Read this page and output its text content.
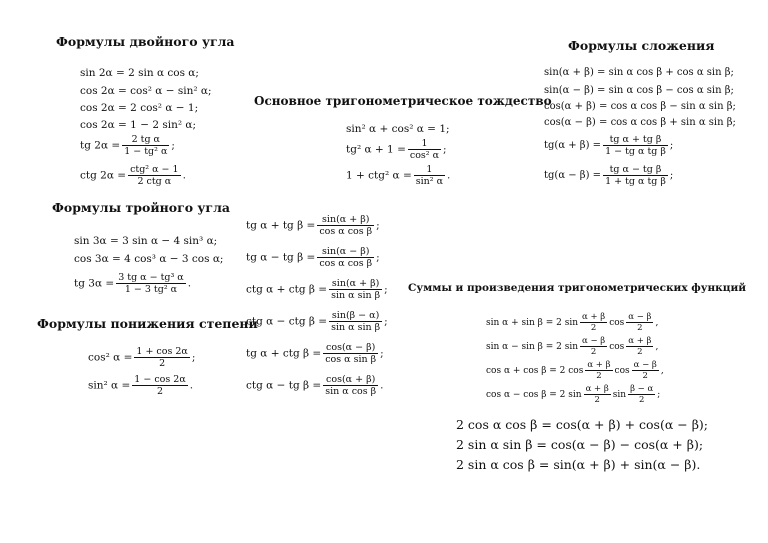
Формулы двойного угла
sin 2α = 2 sin α cos α;
cos 2α = cos² α − sin² α;
cos 2α = 2 cos² α − 1;
cos 2α = 1 − 2 sin² α;
tg $2\alpha = \frac{\text{2 tg α}}{\text{1 − tg² α}}$ ;
ctg $2\alpha = \frac{\text{ctg² α − 1}}{\text{2 ctg α}}$ .
Основное тригонометрическое тождество
sin² α + cos² α = 1;
tg² $\alpha + 1 = \frac{1}{\text{cos² α}}$ ;
1 + ctg² $\alpha = \frac{1}{\text{sin² α}}$ .
Формулы сложения
sin(α + β) = sin α cos β + cos α sin β;
sin(α − β) = sin α cos β − cos α sin β;
cos(α + β) = cos α cos β − sin α sin β;
cos(α − β) = cos α cos β + sin α sin β;
$tg(\alpha + \beta) = \frac{\text{tg α + tg β}}{\text{1 − tg α tg β}}$ ;
$tg(\alpha - \beta) = \frac{\text{tg α − tg β}}{\text{1 + tg α tg β}}$ ;
Формулы тройного угла
sin 3α = 3 sin α − 4 sin³ α;
cos 3α = 4 cos³ α − 3 cos α;
tg $3\alpha = \frac{\text{3 tg α − tg³ α}}{\text{1 − 3 tg² α}}$ .
tg α + tg $\beta = \frac{\sin(\alpha + \beta)}{\text{cos α cos β}}$ ;
tg α − tg $\beta = \frac{\sin(\alpha - \beta)}{\text{cos α cos β}}$ ;
ctg α + ctg $\beta = \frac{\sin(\alpha + \beta)}{\text{sin α sin β}}$ ;
ctg α − ctg $\beta = \frac{\sin(\beta - \alpha)}{\text{sin α sin β}}$ ;
tg α + ctg $\beta = \frac{\cos(\alpha - \beta)}{\text{cos α sin β}}$ ;
ctg α − tg $\beta = \frac{\cos(\alpha + \beta)}{\text{sin α cos β}}$ .
Формулы понижения степени
cos² $\alpha = \frac{1 + \cos 2\alpha}{2}$ ;
sin² $\alpha = \frac{1 - \cos 2\alpha}{2}$ .
Суммы и произведения тригонометрических функций
sin α + sin β = 2 $\sin \frac{\alpha + \beta}{2}$ $\cos \frac{\alpha - \beta}{2}$ ,
sin α − sin β = 2 $\sin \frac{\alpha - \beta}{2}$ $\cos \frac{\alpha + \beta}{2}$ ,
cos α + cos β = 2 $\cos \frac{\alpha + \beta}{2}$ $\cos \frac{\alpha - \beta}{2}$ ,
cos α − cos β = 2 $\sin \frac{\alpha + \beta}{2}$ $\sin \frac{\beta - \alpha}{2}$ ;
2 cos α cos β = cos(α + β) + cos(α − β);
2 sin α sin β = cos(α − β) − cos(α + β);
2 sin α cos β = sin(α + β) + sin(α − β).
